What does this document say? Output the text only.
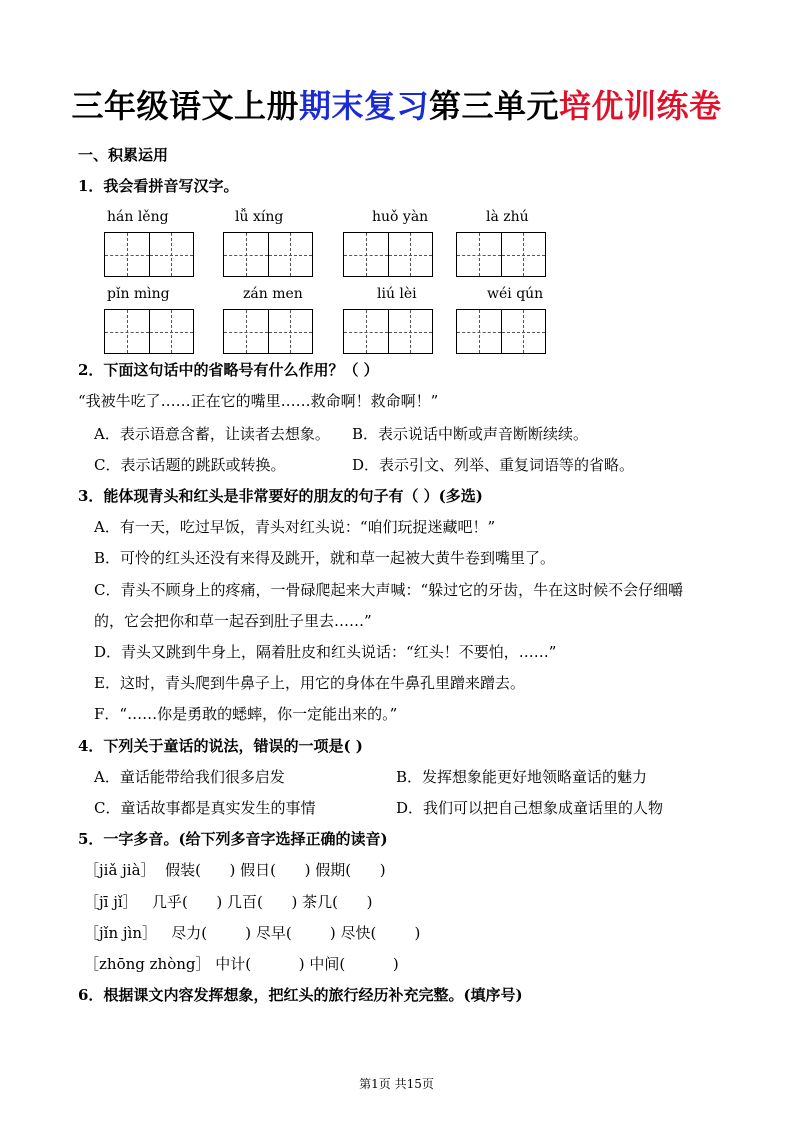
三年级语文上册期末复习第三单元培优训练卷
一、积累运用
1．我会看拼音写汉字。
hán lěng	lǚ xíng	huǒ yàn	là zhú
pǐn mìng	zán men	liú lèi	wéi qún
2．下面这句话中的省略号有什么作用？（ ）
“我被牛吃了……正在它的嘴里……救命啊！救命啊！”
A．表示语意含蓄，让读者去想象。 B．表示说话中断或声音断断续续。
C．表示话题的跳跃或转换。	D．表示引文、列举、重复词语等的省略。
3．能体现青头和红头是非常要好的朋友的句子有（ ）(多选)
A．有一天，吃过早饭，青头对红头说：“咱们玩捉迷藏吧！”
B．可怜的红头还没有来得及跳开，就和草一起被大黄牛卷到嘴里了。
C．青头不顾身上的疼痛，一骨碌爬起来大声喊：“躲过它的牙齿，牛在这时候不会仔细嚼
的，它会把你和草一起吞到肚子里去……”
D．青头又跳到牛身上，隔着肚皮和红头说话：“红头！不要怕，……”
E．这时，青头爬到牛鼻子上，用它的身体在牛鼻孔里蹭来蹭去。
F．“……你是勇敢的蟋蟀，你一定能出来的。”
4．下列关于童话的说法，错误的一项是( )
A．童话能带给我们很多启发	B．发挥想象能更好地领略童话的魅力
C．童话故事都是真实发生的事情	D．我们可以把自己想象成童话里的人物
5．一字多音。(给下列多音字选择正确的读音)
［jiǎ jià］  假装(      ) 假日(      ) 假期(      )
［jī jǐ］   几乎(      ) 几百(      ) 茶几(      )
［jǐn jìn］   尽力(        ) 尽早(        ) 尽快(        )
［zhōng zhòng］ 中计(          ) 中间(          )
6．根据课文内容发挥想象，把红头的旅行经历补充完整。(填序号)
第1页 共15页
